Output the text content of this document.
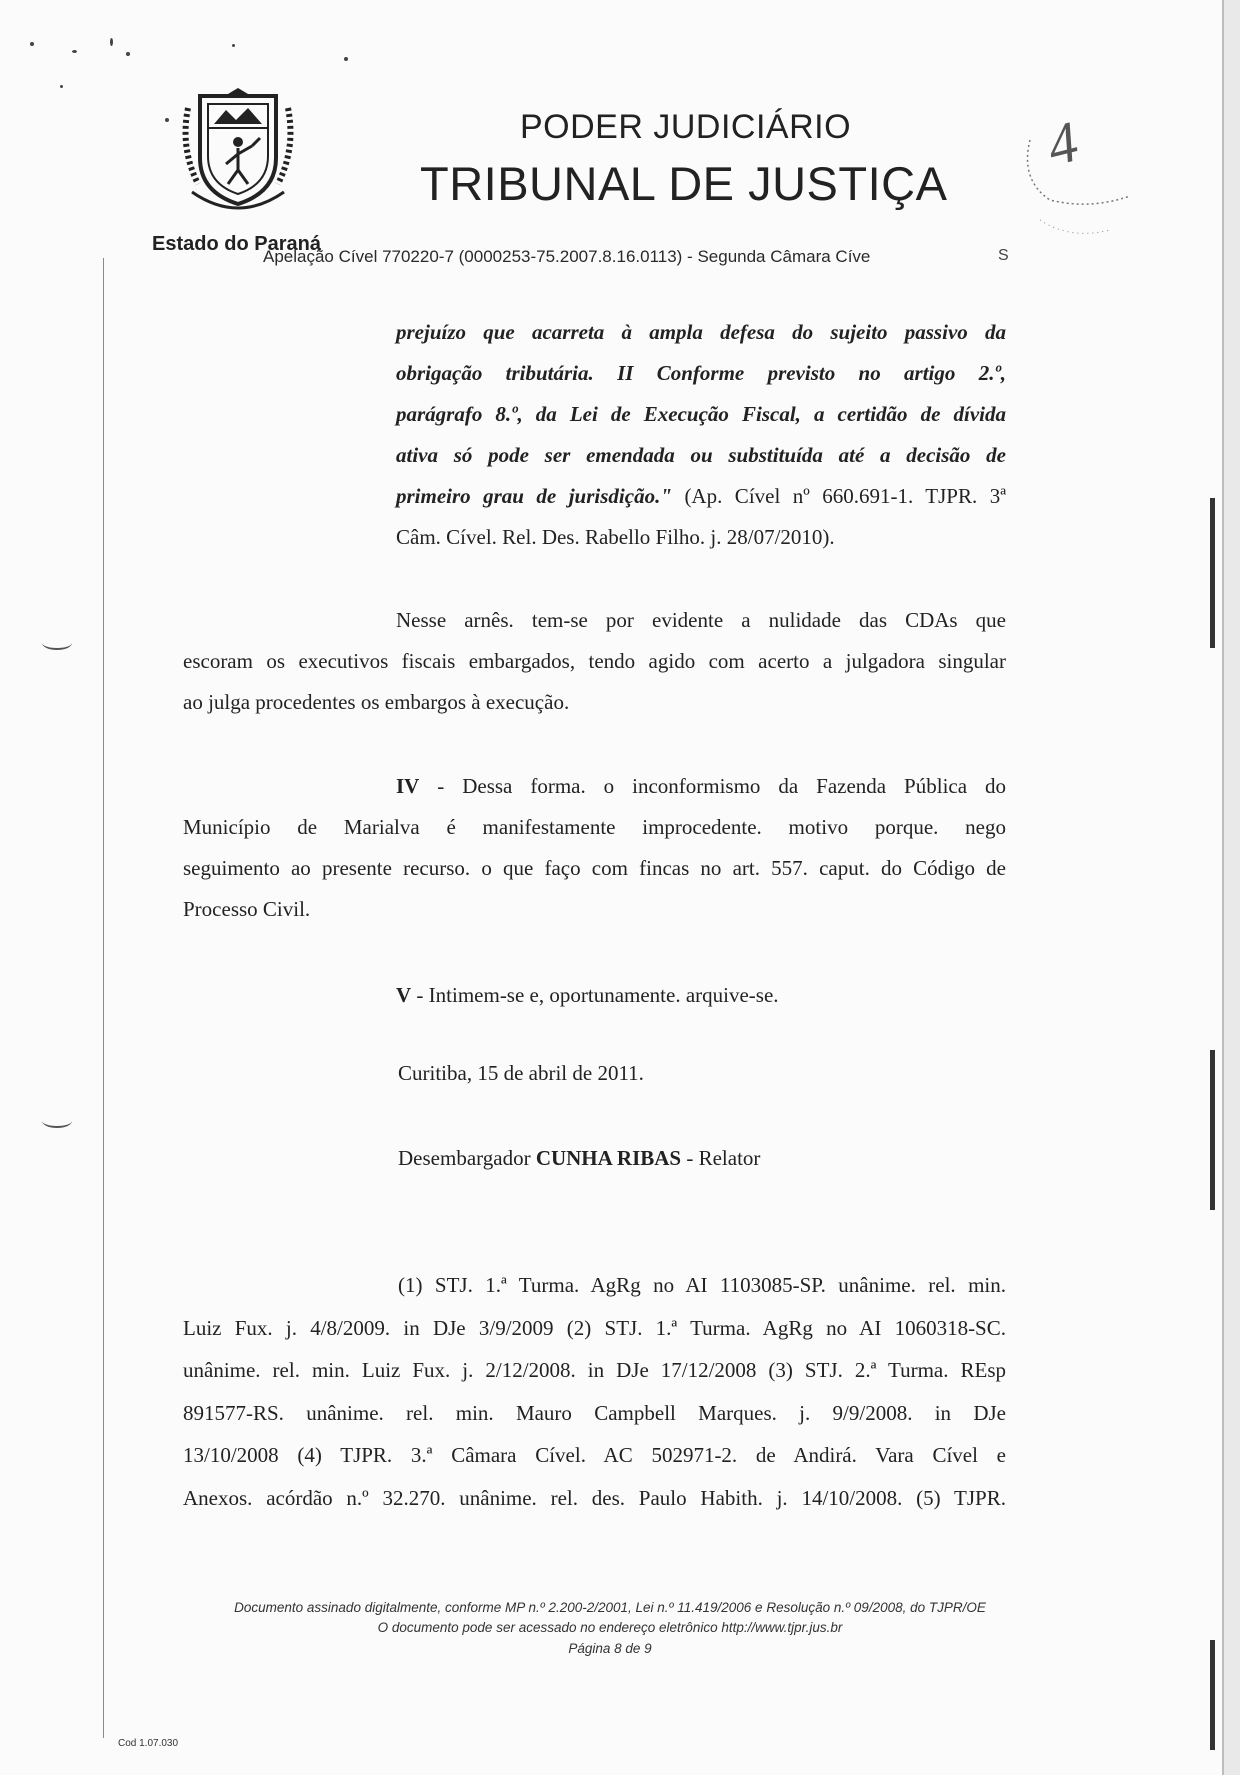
PODER JUDICIÁRIO
TRIBUNAL DE JUSTIÇA
Estado do Paraná
Apelação Cível 770220-7 (0000253-75.2007.8.16.0113) - Segunda Câmara Cíve	S
4
prejuízo que acarreta à ampla defesa do sujeito passivo da
obrigação tributária. II Conforme previsto no artigo 2.º,
parágrafo 8.º, da Lei de Execução Fiscal, a certidão de dívida
ativa só pode ser emendada ou substituída até a decisão de
primeiro grau de jurisdição." (Ap. Cível nº 660.691-1. TJPR. 3ª
Câm. Cível. Rel. Des. Rabello Filho. j. 28/07/2010).
Nesse arnês. tem-se por evidente a nulidade das CDAs que
escoram os executivos fiscais embargados, tendo agido com acerto a julgadora singular
ao julga procedentes os embargos à execução.
IV - Dessa forma. o inconformismo da Fazenda Pública do
Município de Marialva é manifestamente improcedente. motivo porque. nego
seguimento ao presente recurso. o que faço com fincas no art. 557. caput. do Código de
Processo Civil.
V - Intimem-se e, oportunamente. arquive-se.
Curitiba, 15 de abril de 2011.
Desembargador CUNHA RIBAS - Relator
(1) STJ. 1.ª Turma. AgRg no AI 1103085-SP. unânime. rel. min.
Luiz Fux. j. 4/8/2009. in DJe 3/9/2009 (2) STJ. 1.ª Turma. AgRg no AI 1060318-SC.
unânime. rel. min. Luiz Fux. j. 2/12/2008. in DJe 17/12/2008 (3) STJ. 2.ª Turma. REsp
891577-RS. unânime. rel. min. Mauro Campbell Marques. j. 9/9/2008. in DJe
13/10/2008 (4) TJPR. 3.ª Câmara Cível. AC 502971-2. de Andirá. Vara Cível e
Anexos. acórdão n.º 32.270. unânime. rel. des. Paulo Habith. j. 14/10/2008. (5) TJPR.
Documento assinado digitalmente, conforme MP n.º 2.200-2/2001, Lei n.º 11.419/2006 e Resolução n.º 09/2008, do TJPR/OE
O documento pode ser acessado no endereço eletrônico http://www.tjpr.jus.br
Página 8 de 9
Cod 1.07.030
